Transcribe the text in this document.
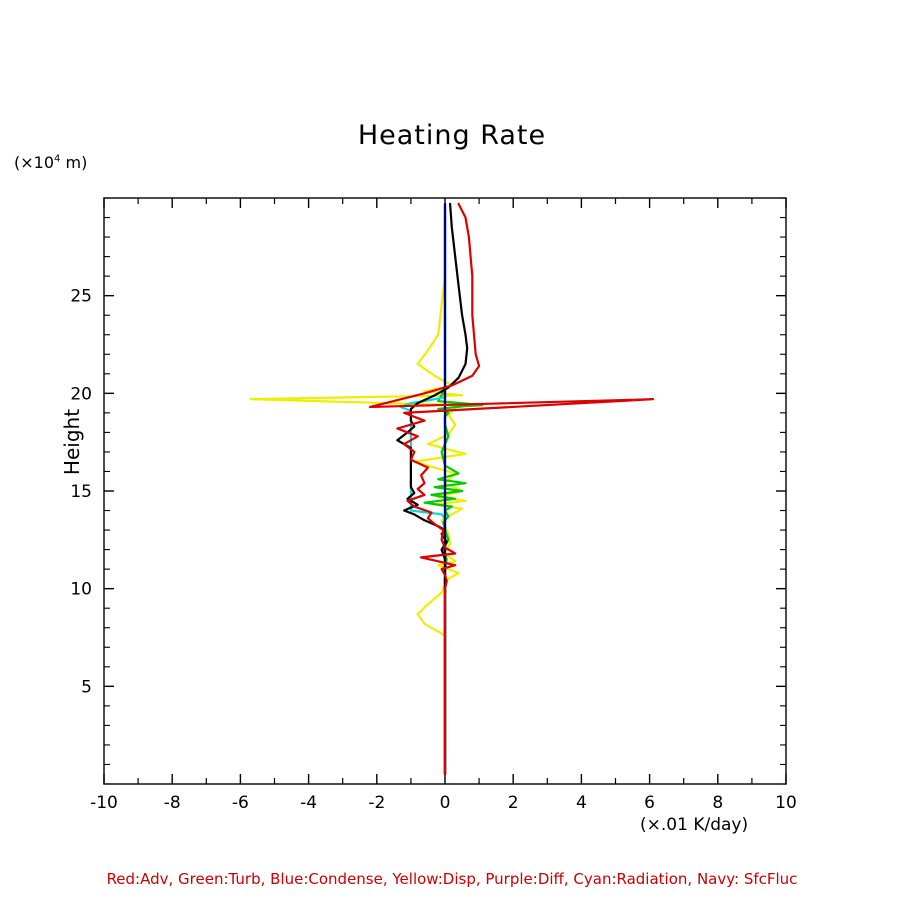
Heating Rate
($\times 10^4$ m)
Height
(×.01 K/day)
-10	-8	-6	-4	-2	0	2	4	6	8	10
5
10
15
20
25
Red:Adv, Green:Turb, Blue:Condense, Yellow:Disp, Purple:Diff, Cyan:Radiation, Navy: SfcFluc
